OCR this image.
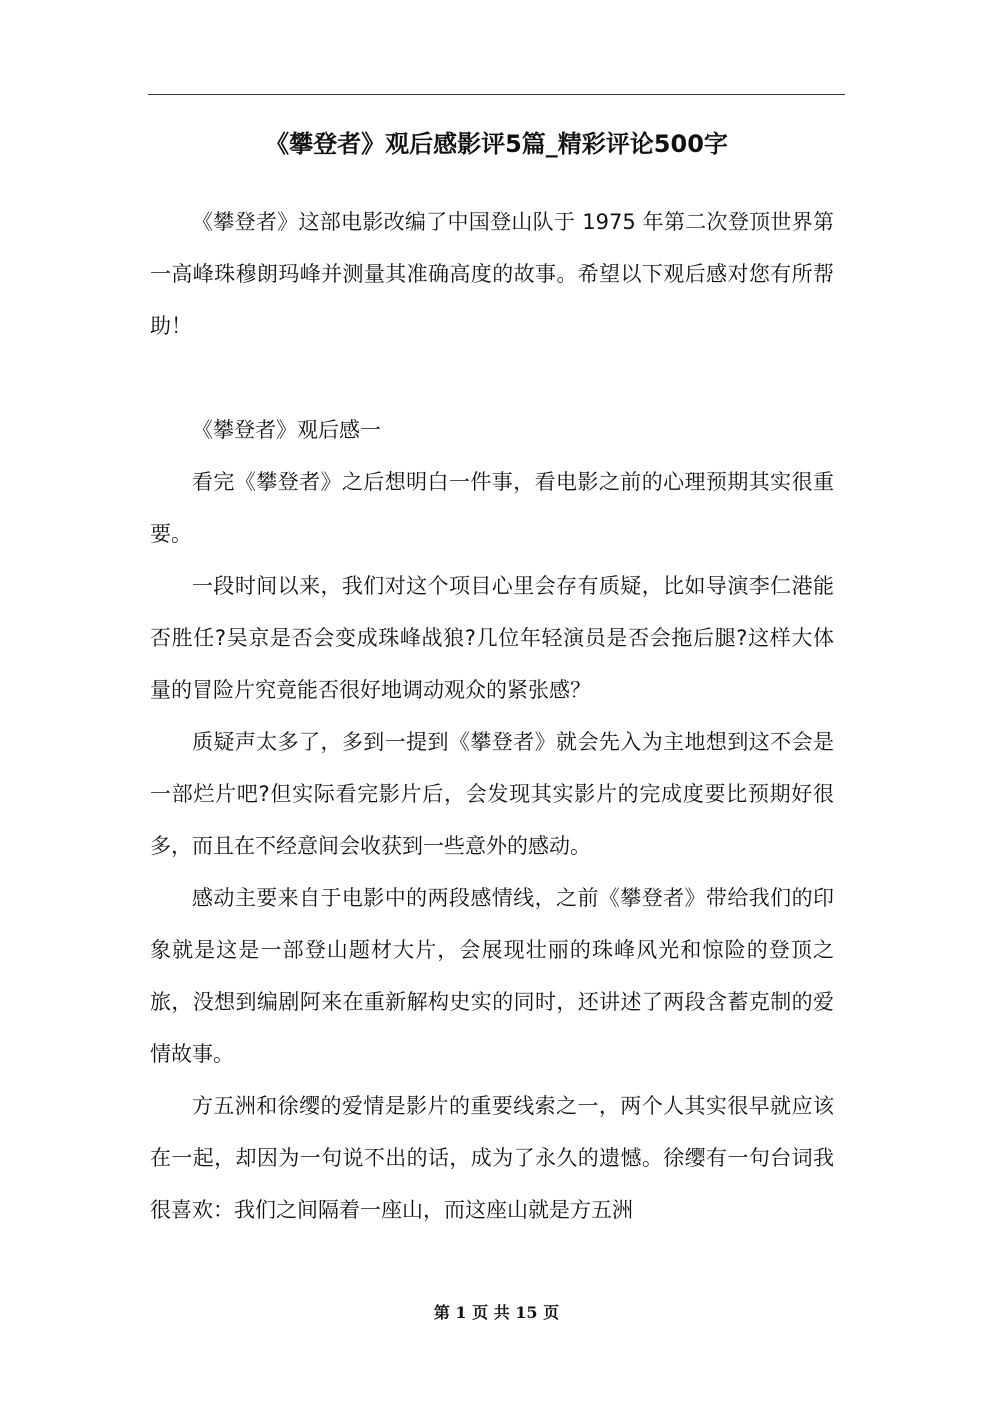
《攀登者》观后感影评5篇_精彩评论500字

《攀登者》这部电影改编了中国登山队于 1975 年第二次登顶世界第一高峰珠穆朗玛峰并测量其准确高度的故事。希望以下观后感对您有所帮助！

《攀登者》观后感一

看完《攀登者》之后想明白一件事，看电影之前的心理预期其实很重要。

一段时间以来，我们对这个项目心里会存有质疑，比如导演李仁港能否胜任?吴京是否会变成珠峰战狼?几位年轻演员是否会拖后腿?这样大体量的冒险片究竟能否很好地调动观众的紧张感？

质疑声太多了，多到一提到《攀登者》就会先入为主地想到这不会是一部烂片吧?但实际看完影片后，会发现其实影片的完成度要比预期好很多，而且在不经意间会收获到一些意外的感动。

感动主要来自于电影中的两段感情线，之前《攀登者》带给我们的印象就是这是一部登山题材大片，会展现壮丽的珠峰风光和惊险的登顶之旅，没想到编剧阿来在重新解构史实的同时，还讲述了两段含蓄克制的爱情故事。

方五洲和徐缨的爱情是影片的重要线索之一，两个人其实很早就应该在一起，却因为一句说不出的话，成为了永久的遗憾。徐缨有一句台词我很喜欢：我们之间隔着一座山，而这座山就是方五洲

第 1 页 共 15 页
